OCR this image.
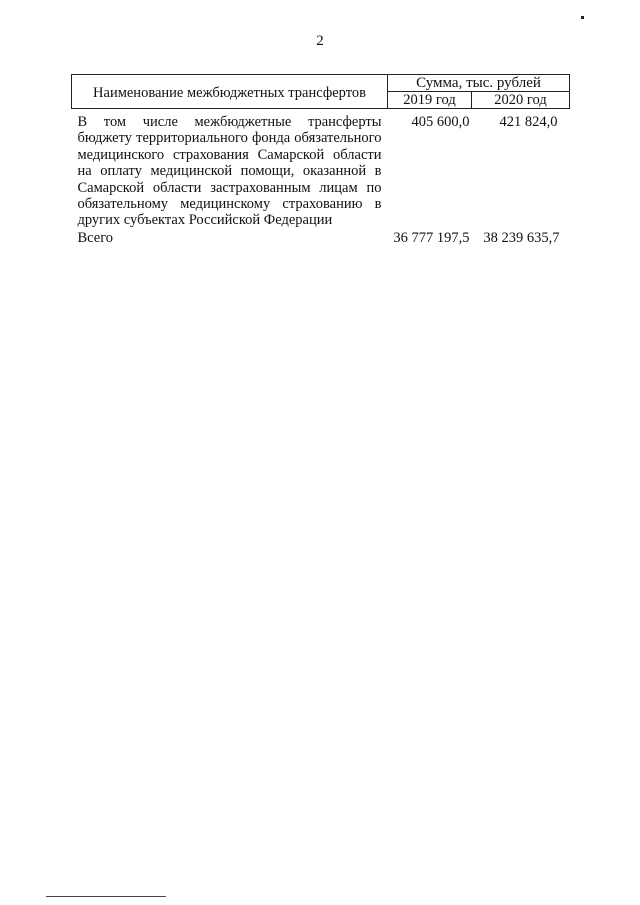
2
Наименование межбюджетных трансфертов	Сумма, тыс. рублей	
	2019 год	2020 год
В том числе межбюджетные трансферты бюджету территориального фонда обязательного медицинского страхования Самарской области на оплату медицинской помощи, оказанной в Самарской области застрахованным лицам по обязательному медицинскому страхованию в других субъектах Российской Федерации	405 600,0	421 824,0
Всего	36 777 197,5	38 239 635,7
